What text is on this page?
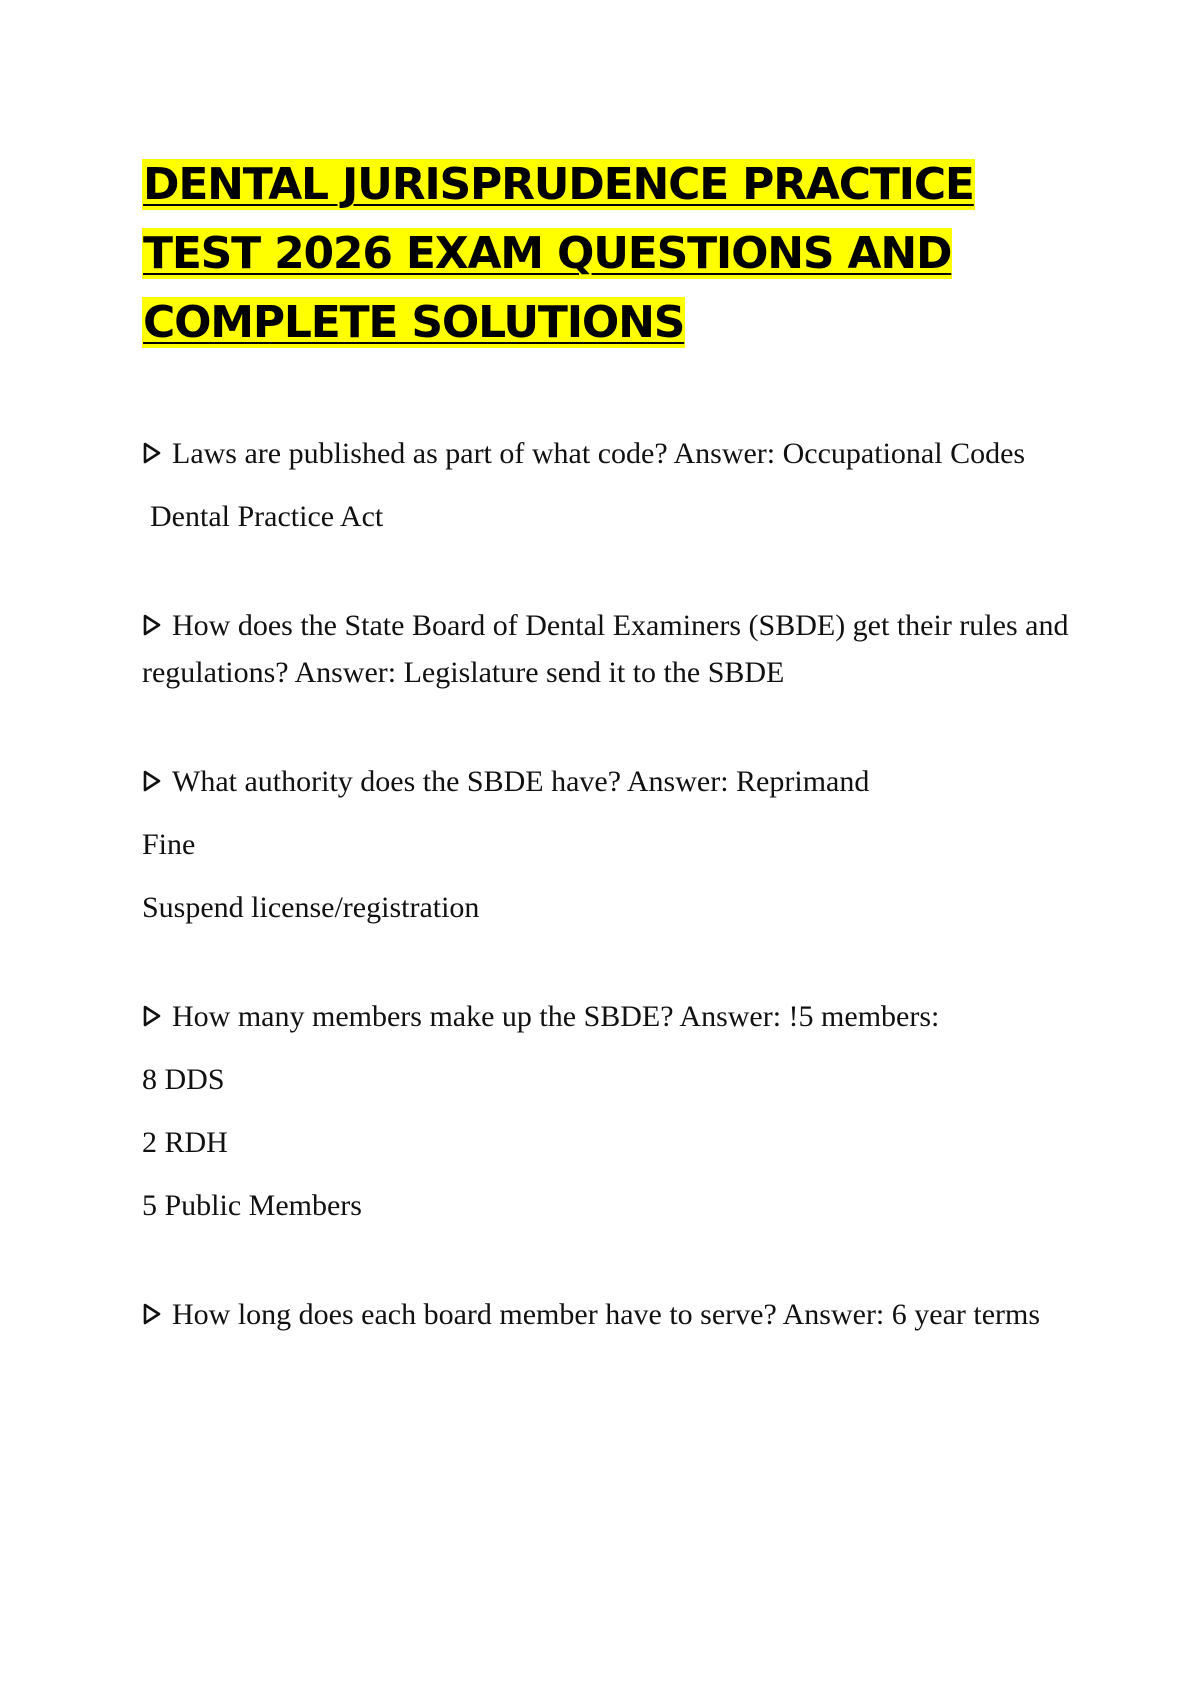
DENTAL JURISPRUDENCE PRACTICE TEST 2026 EXAM QUESTIONS AND COMPLETE SOLUTIONS

Laws are published as part of what code? Answer: Occupational Codes

Dental Practice Act

How does the State Board of Dental Examiners (SBDE) get their rules and regulations? Answer: Legislature send it to the SBDE

What authority does the SBDE have? Answer: Reprimand

Fine

Suspend license/registration

How many members make up the SBDE? Answer: !5 members:

8 DDS

2 RDH

5 Public Members

How long does each board member have to serve? Answer: 6 year terms
